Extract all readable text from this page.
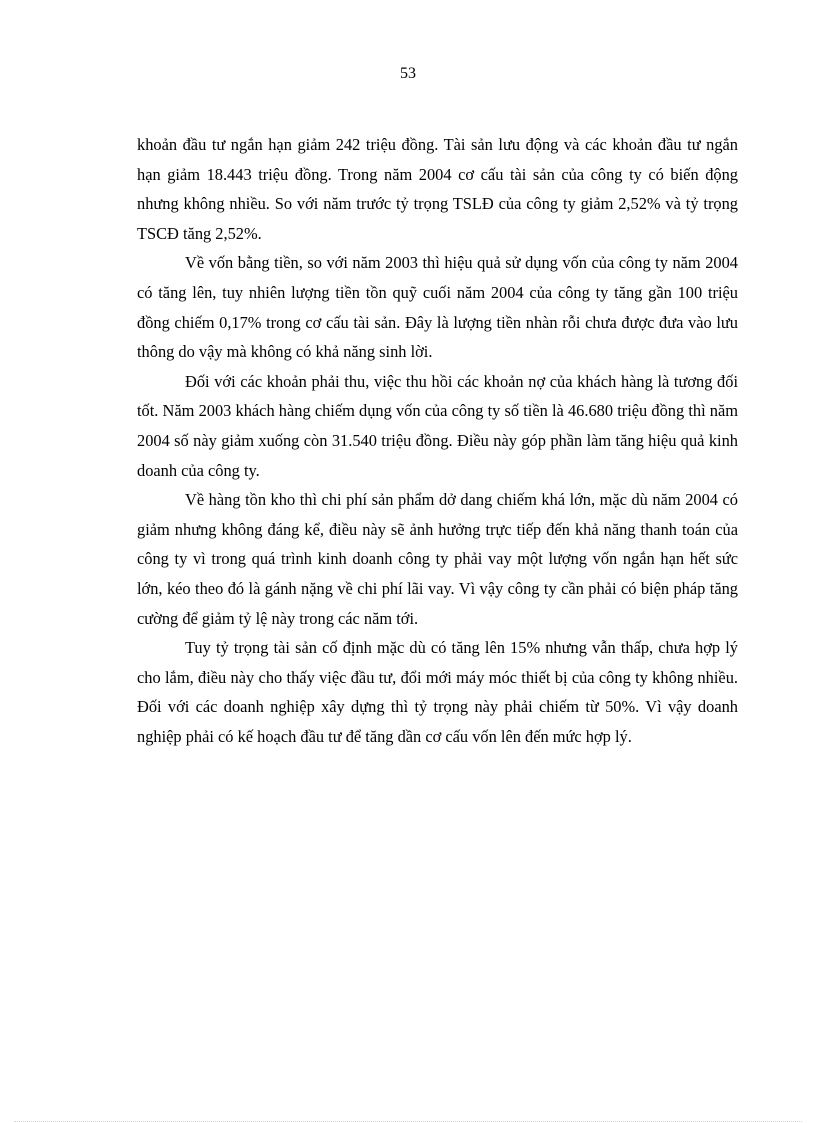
53

khoản đầu tư ngắn hạn giảm 242 triệu đồng. Tài sản lưu động và các khoản đầu tư ngắn hạn giảm 18.443 triệu đồng. Trong năm 2004 cơ cấu tài sản của công ty có biến động nhưng không nhiều. So với năm trước tỷ trọng TSLĐ của công ty giảm 2,52% và tỷ trọng TSCĐ tăng 2,52%.

Về vốn bằng tiền, so với năm 2003 thì hiệu quả sử dụng vốn của công ty năm 2004 có tăng lên, tuy nhiên lượng tiền tồn quỹ cuối năm 2004 của công ty tăng gần 100 triệu đồng chiếm 0,17% trong cơ cấu tài sản. Đây là lượng tiền nhàn rỗi chưa được đưa vào lưu thông do vậy mà không có khả năng sinh lời.

Đối với các khoản phải thu, việc thu hồi các khoản nợ của khách hàng là tương đối tốt. Năm 2003 khách hàng chiếm dụng vốn của công ty số tiền là 46.680 triệu đồng thì năm 2004 số này giảm xuống còn 31.540 triệu đồng. Điều này góp phần làm tăng hiệu quả kinh doanh của công ty.

Về hàng tồn kho thì chi phí sản phẩm dở dang chiếm khá lớn, mặc dù năm 2004 có giảm nhưng không đáng kể, điều này sẽ ảnh hưởng trực tiếp đến khả năng thanh toán của công ty vì trong quá trình kinh doanh công ty phải vay một lượng vốn ngắn hạn hết sức lớn, kéo theo đó là gánh nặng về chi phí lãi vay. Vì vậy công ty cần phải có biện pháp tăng cường để giảm tỷ lệ này trong các năm tới.

Tuy tỷ trọng tài sản cố định mặc dù có tăng lên 15% nhưng vẫn thấp, chưa hợp lý cho lắm, điều này cho thấy việc đầu tư, đổi mới máy móc thiết bị của công ty không nhiều. Đối với các doanh nghiệp xây dựng thì tỷ trọng này phải chiếm từ 50%. Vì vậy doanh nghiệp phải có kế hoạch đầu tư để tăng dần cơ cấu vốn lên đến mức hợp lý.
